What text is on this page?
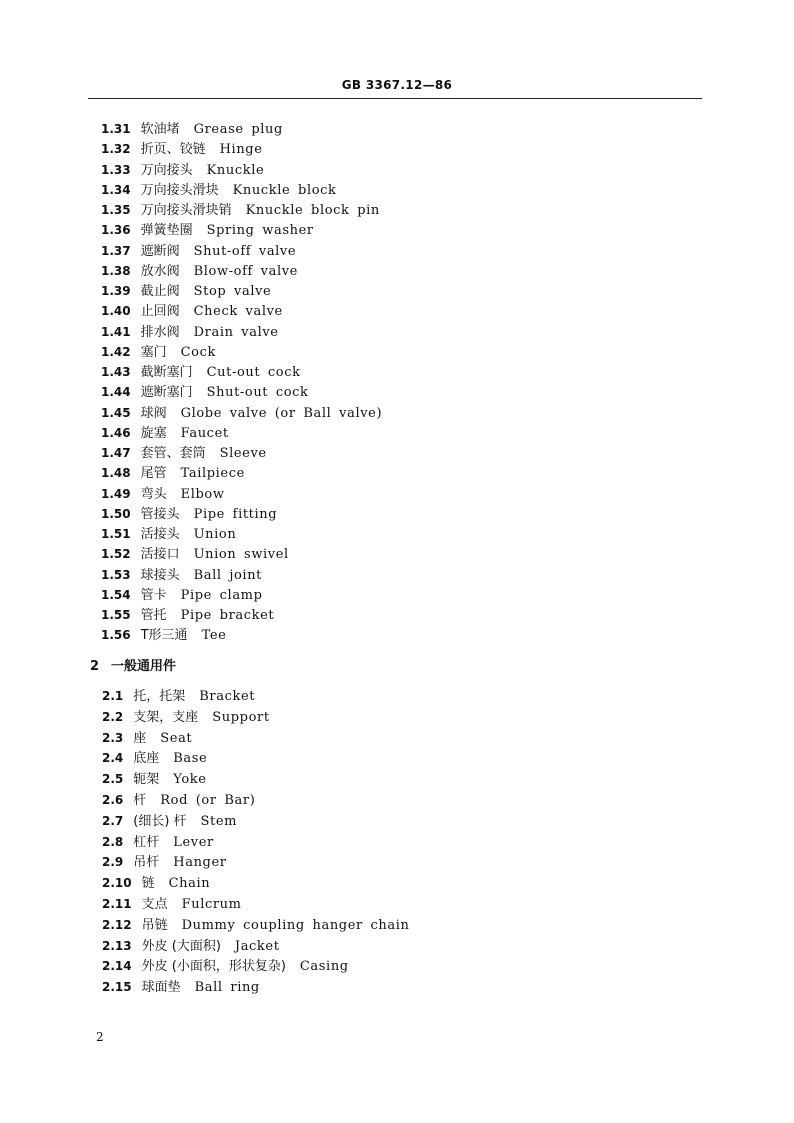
GB 3367.12—86
1.31 软油堵 Grease plug
1.32 折页、铰链 Hinge
1.33 万向接头 Knuckle
1.34 万向接头滑块 Knuckle block
1.35 万向接头滑块销 Knuckle block pin
1.36 弹簧垫圈 Spring washer
1.37 遮断阀 Shut-off valve
1.38 放水阀 Blow-off valve
1.39 截止阀 Stop valve
1.40 止回阀 Check valve
1.41 排水阀 Drain valve
1.42 塞门 Cock
1.43 截断塞门 Cut-out cock
1.44 遮断塞门 Shut-out cock
1.45 球阀 Globe valve (or Ball valve)
1.46 旋塞 Faucet
1.47 套管、套筒 Sleeve
1.48 尾管 Tailpiece
1.49 弯头 Elbow
1.50 管接头 Pipe fitting
1.51 活接头 Union
1.52 活接口 Union swivel
1.53 球接头 Ball joint
1.54 管卡 Pipe clamp
1.55 管托 Pipe bracket
1.56 T形三通 Tee
2 一般通用件
2.1 托，托架 Bracket
2.2 支架，支座 Support
2.3 座 Seat
2.4 底座 Base
2.5 轭架 Yoke
2.6 杆 Rod (or Bar)
2.7 (细长) 杆 Stem
2.8 杠杆 Lever
2.9 吊杆 Hanger
2.10 链 Chain
2.11 支点 Fulcrum
2.12 吊链 Dummy coupling hanger chain
2.13 外皮 (大面积) Jacket
2.14 外皮 (小面积，形状复杂) Casing
2.15 球面垫 Ball ring
2
